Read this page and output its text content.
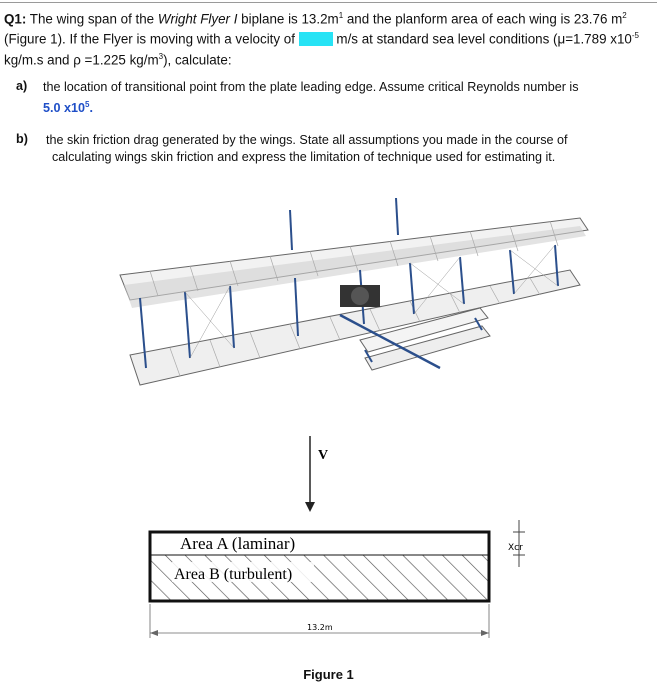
Q1: The wing span of the Wright Flyer I biplane is $13.2m^1$ and the planform area of each wing is 23.76 $m^2$
(Figure 1). If the Flyer is moving with a velocity of	m/s at standard sea level conditions (μ=1.789 $x10^{-5}$
kg/m.s and ρ =1.225 $kg/m^3$), calculate:
a) the location of transitional point from the plate leading edge. Assume critical Reynolds number is
5.0 $x10^5$.
b) the skin friction drag generated by the wings. State all assumptions you made in the course of
calculating wings skin friction and express the limitation of technique used for estimating it.
V
Area A (laminar)
Area B (turbulent)
Xcr
13.2m
Figure 1
